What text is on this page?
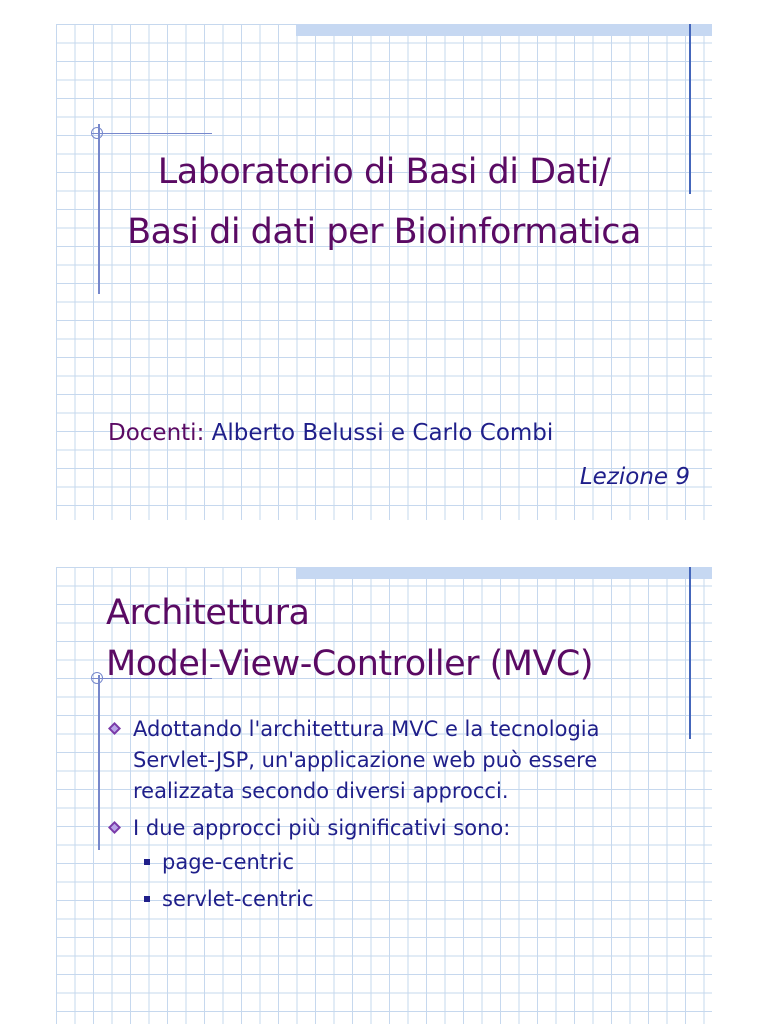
Laboratorio di Basi di Dati/
Basi di dati per Bioinformatica
Docenti: Alberto Belussi e Carlo Combi
Lezione 9
Architettura
Model-View-Controller (MVC)
Adottando l'architettura MVC e la tecnologia Servlet-JSP, un'applicazione web può essere realizzata secondo diversi approcci.
I due approcci più significativi sono:
page-centric
servlet-centric
